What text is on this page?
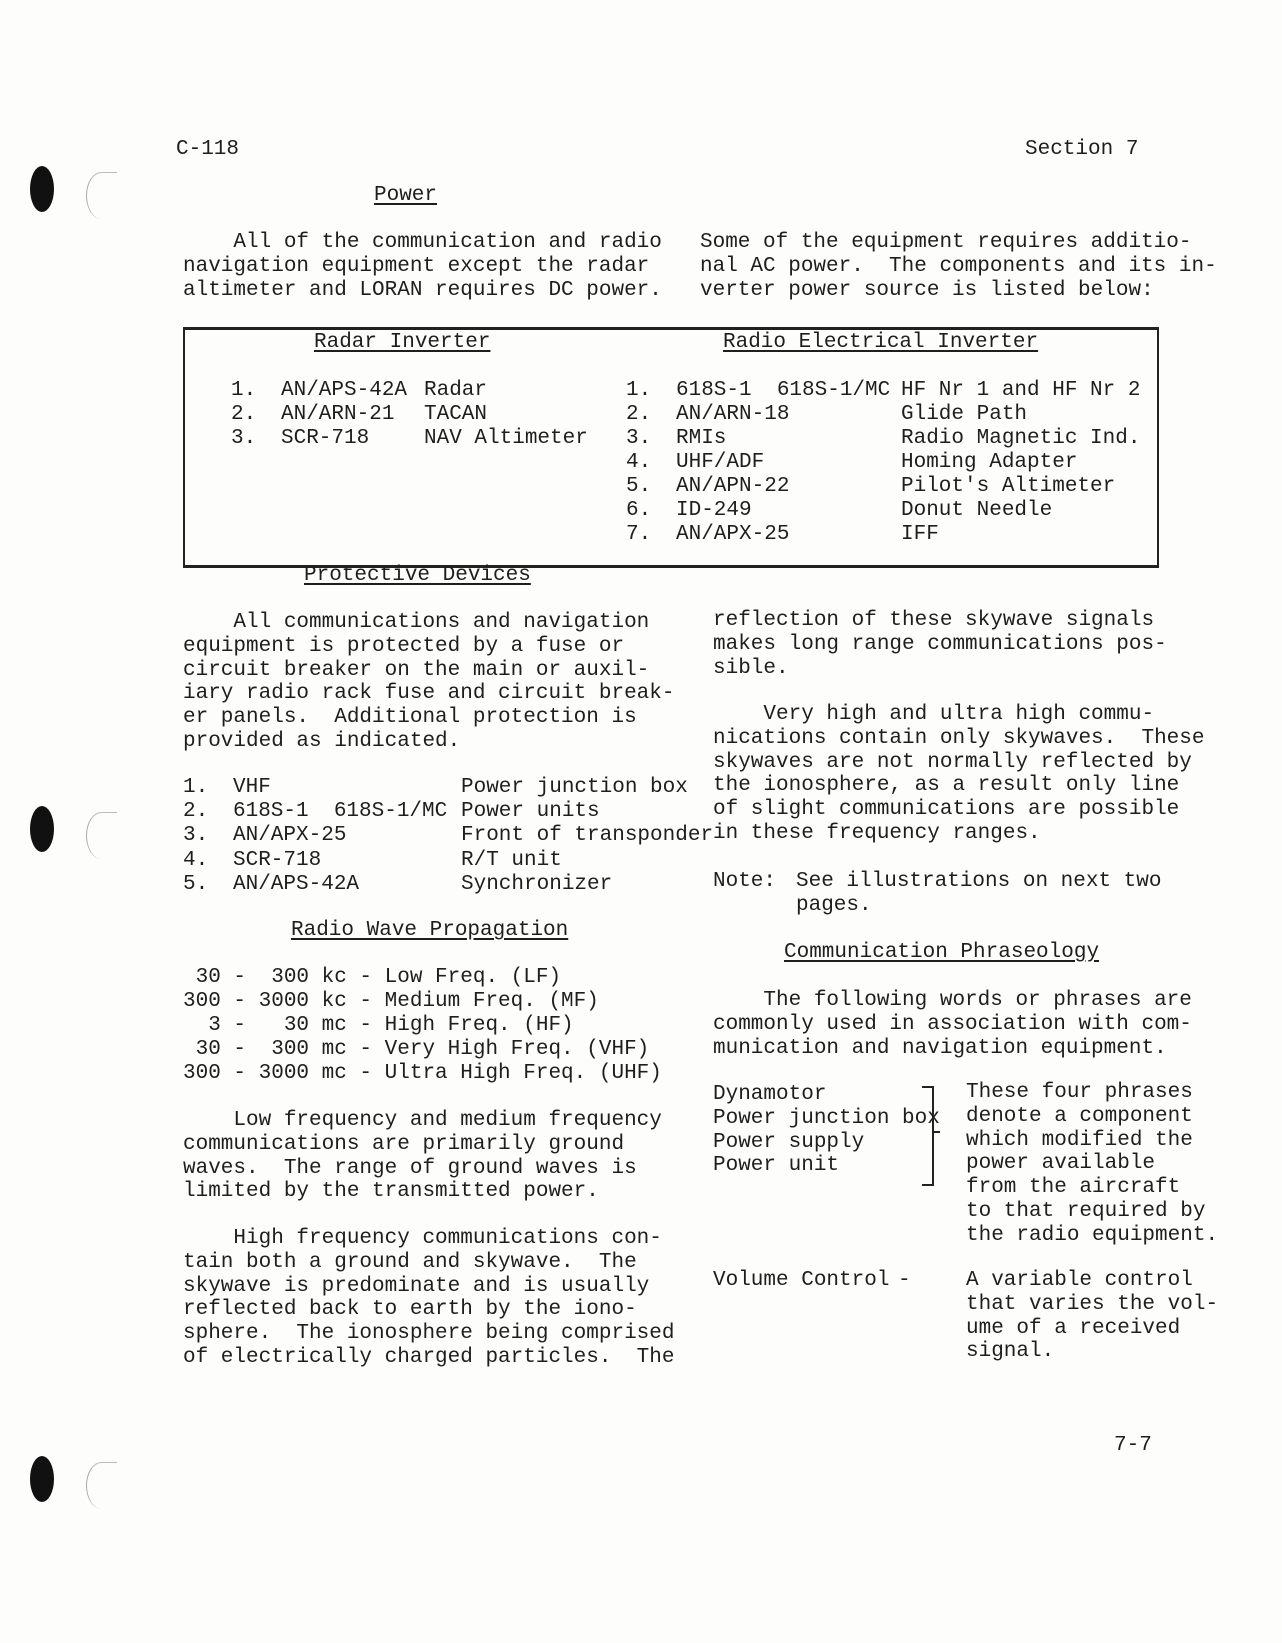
C-118	Section 7
Power
All of the communication and radio
navigation equipment except the radar
altimeter and LORAN requires DC power.
Some of the equipment requires additio-
nal AC power.  The components and its in-
verter power source is listed below:
Radar Inverter	Radio Electrical Inverter
1. AN/APS-42A Radar
2. AN/ARN-21 TACAN
3. SCR-718	NAV Altimeter
1. 618S-1  618S-1/MC HF Nr 1 and HF Nr 2
2. AN/ARN-18	Glide Path
3. RMIs	Radio Magnetic Ind.
4. UHF/ADF	Homing Adapter
5. AN/APN-22	Pilot's Altimeter
6. ID-249	Donut Needle
7. AN/APX-25	IFF
Protective Devices
All communications and navigation
equipment is protected by a fuse or
circuit breaker on the main or auxil-
iary radio rack fuse and circuit break-
er panels.  Additional protection is
provided as indicated.
1. VHF	Power junction box
2. 618S-1  618S-1/MC Power units
3. AN/APX-25	Front of transponder
4. SCR-718	R/T unit
5. AN/APS-42A	Synchronizer
Radio Wave Propagation
30 -  300 kc - Low Freq. (LF)
300 - 3000 kc - Medium Freq. (MF)
3 -   30 mc - High Freq. (HF)
30 -  300 mc - Very High Freq. (VHF)
300 - 3000 mc - Ultra High Freq. (UHF)
Low frequency and medium frequency
communications are primarily ground
waves.  The range of ground waves is
limited by the transmitted power.
High frequency communications con-
tain both a ground and skywave.  The
skywave is predominate and is usually
reflected back to earth by the iono-
sphere.  The ionosphere being comprised
of electrically charged particles.  The
reflection of these skywave signals
makes long range communications pos-
sible.
Very high and ultra high commu-
nications contain only skywaves.  These
skywaves are not normally reflected by
the ionosphere, as a result only line
of slight communications are possible
in these frequency ranges.
Note: See illustrations on next two
pages.
Communication Phraseology
The following words or phrases are
commonly used in association with com-
munication and navigation equipment.
Dynamotor
Power junction box
Power supply
Power unit
These four phrases
denote a component
which modified the
power available
from the aircraft
to that required by
the radio equipment.
Volume Control -	A variable control
that varies the vol-
ume of a received
signal.
7-7
